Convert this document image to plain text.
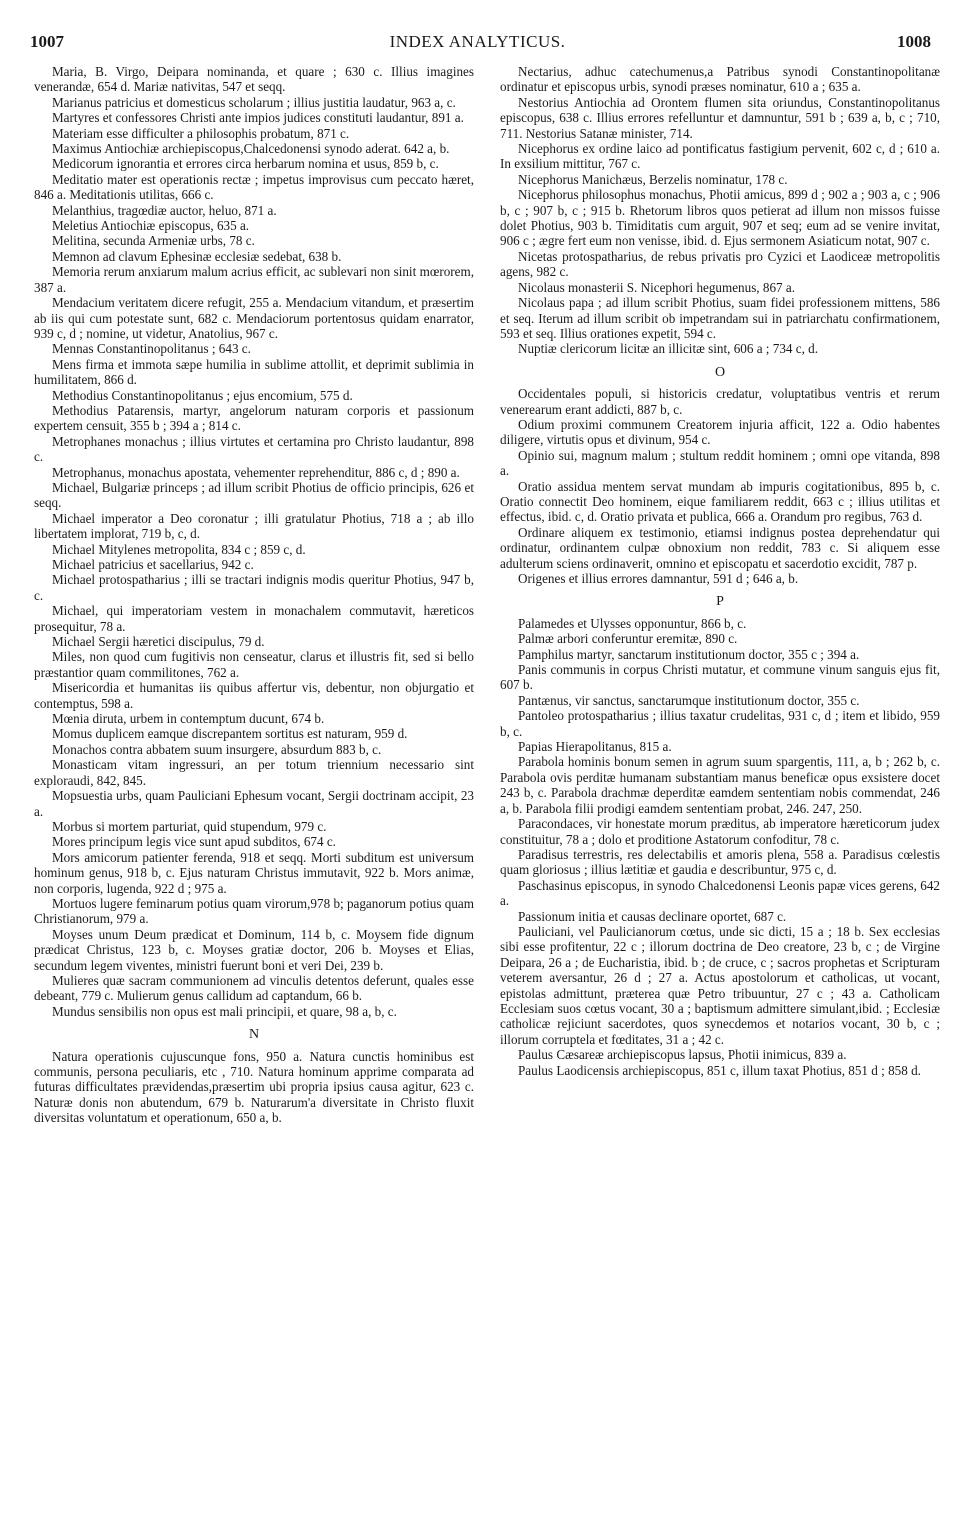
1007	INDEX ANALYTICUS.	1008

Maria, B. Virgo, Deipara nominanda, et quare ; 630 c. Illius imagines venerandæ, 654 d. Mariæ nativitas, 547 et seqq.

Marianus patricius et domesticus scholarum ; illius justitia laudatur, 963 a, c.

Martyres et confessores Christi ante impios judices constituti laudantur, 891 a.

Materiam esse difficulter a philosophis probatum, 871 c.

Maximus Antiochiæ archiepiscopus,Chalcedonensi synodo aderat. 642 a, b.

Medicorum ignorantia et errores circa herbarum nomina et usus, 859 b, c.

Meditatio mater est operationis rectæ ; impetus improvisus cum peccato hæret, 846 a. Meditationis utilitas, 666 c.

Melanthius, tragœdiæ auctor, heluo, 871 a.

Meletius Antiochiæ episcopus, 635 a.

Melitina, secunda Armeniæ urbs, 78 c.

Memnon ad clavum Ephesinæ ecclesiæ sedebat, 638 b.

Memoria rerum anxiarum malum acrius efficit, ac sublevari non sinit mœrorem, 387 a.

Mendacium veritatem dicere refugit, 255 a. Mendacium vitandum, et præsertim ab iis qui cum potestate sunt, 682 c. Mendaciorum portentosus quidam enarrator, 939 c, d ; nomine, ut videtur, Anatolius, 967 c.

Mennas Constantinopolitanus ; 643 c.

Mens firma et immota sæpe humilia in sublime attollit, et deprimit sublimia in humilitatem, 866 d.

Methodius Constantinopolitanus ; ejus encomium, 575 d.

Methodius Patarensis, martyr, angelorum naturam corporis et passionum expertem censuit, 355 b ; 394 a ; 814 c.

Metrophanes monachus ; illius virtutes et certamina pro Christo laudantur, 898 c.

Metrophanus, monachus apostata, vehementer reprehenditur, 886 c, d ; 890 a.

Michael, Bulgariæ princeps ; ad illum scribit Photius de officio principis, 626 et seqq.

Michael imperator a Deo coronatur ; illi gratulatur Photius, 718 a ; ab illo libertatem implorat, 719 b, c, d.

Michael Mitylenes metropolita, 834 c ; 859 c, d.

Michael patricius et sacellarius, 942 c.

Michael protospatharius ; illi se tractari indignis modis queritur Photius, 947 b, c.

Michael, qui imperatoriam vestem in monachalem commutavit, hæreticos prosequitur, 78 a.

Michael Sergii hæretici discipulus, 79 d.

Miles, non quod cum fugitivis non censeatur, clarus et illustris fit, sed si bello præstantior quam commilitones, 762 a.

Misericordia et humanitas iis quibus affertur vis, debentur, non objurgatio et contemptus, 598 a.

Mœnia diruta, urbem in contemptum ducunt, 674 b.

Momus duplicem eamque discrepantem sortitus est naturam, 959 d.

Monachos contra abbatem suum insurgere, absurdum 883 b, c.

Monasticam vitam ingressuri, an per totum triennium necessario sint exploraudi, 842, 845.

Mopsuestia urbs, quam Pauliciani Ephesum vocant, Sergii doctrinam accipit, 23 a.

Morbus si mortem parturiat, quid stupendum, 979 c.

Mores principum legis vice sunt apud subditos, 674 c.

Mors amicorum patienter ferenda, 918 et seqq. Morti subditum est universum hominum genus, 918 b, c. Ejus naturam Christus immutavit, 922 b. Mors animæ, non corporis, lugenda, 922 d ; 975 a.

Mortuos lugere feminarum potius quam virorum,978 b; paganorum potius quam Christianorum, 979 a.

Moyses unum Deum prædicat et Dominum, 114 b, c. Moysem fide dignum prædicat Christus, 123 b, c. Moyses gratiæ doctor, 206 b. Moyses et Elias, secundum legem viventes, ministri fuerunt boni et veri Dei, 239 b.

Mulieres quæ sacram communionem ad vinculis detentos deferunt, quales esse debeant, 779 c. Mulierum genus callidum ad captandum, 66 b.

Mundus sensibilis non opus est mali principii, et quare, 98 a, b, c.

N

Natura operationis cujuscunque fons, 950 a. Natura cunctis hominibus est communis, persona peculiaris, etc , 710. Natura hominum apprime comparata ad futuras difficultates prævidendas,præsertim ubi propria ipsius causa agitur, 623 c. Naturæ donis non abutendum, 679 b. Naturarum'a diversitate in Christo fluxit diversitas voluntatum et operationum, 650 a, b.

Nectarius, adhuc catechumenus,a Patribus synodi Constantinopolitanæ ordinatur et episcopus urbis, synodi præses nominatur, 610 a ; 635 a.

Nestorius Antiochia ad Orontem flumen sita oriundus, Constantinopolitanus episcopus, 638 c. Illius errores refelluntur et damnuntur, 591 b ; 639 a, b, c ; 710, 711. Nestorius Satanæ minister, 714.

Nicephorus ex ordine laico ad pontificatus fastigium pervenit, 602 c, d ; 610 a. In exsilium mittitur, 767 c.

Nicephorus Manichæus, Berzelis nominatur, 178 c.

Nicephorus philosophus monachus, Photii amicus, 899 d ; 902 a ; 903 a, c ; 906 b, c ; 907 b, c ; 915 b. Rhetorum libros quos petierat ad illum non missos fuisse dolet Photius, 903 b. Timiditatis cum arguit, 907 et seq; eum ad se venire invitat, 906 c ; ægre fert eum non venisse, ibid. d. Ejus sermonem Asiaticum notat, 907 c.

Nicetas protospatharius, de rebus privatis pro Cyzici et Laodiceæ metropolitis agens, 982 c.

Nicolaus monasterii S. Nicephori hegumenus, 867 a.

Nicolaus papa ; ad illum scribit Photius, suam fidei professionem mittens, 586 et seq. Iterum ad illum scribit ob impetrandam sui in patriarchatu confirmationem, 593 et seq. Illius orationes expetit, 594 c.

Nuptiæ clericorum licitæ an illicitæ sint, 606 a ; 734 c, d.

O

Occidentales populi, si historicis credatur, voluptatibus ventris et rerum venerearum erant addicti, 887 b, c.

Odium proximi communem Creatorem injuria afficit, 122 a. Odio habentes diligere, virtutis opus et divinum, 954 c.

Opinio sui, magnum malum ; stultum reddit hominem ; omni ope vitanda, 898 a.

Oratio assidua mentem servat mundam ab impuris cogitationibus, 895 b, c. Oratio connectit Deo hominem, eique familiarem reddit, 663 c ; illius utilitas et effectus, ibid. c, d. Oratio privata et publica, 666 a. Orandum pro regibus, 763 d.

Ordinare aliquem ex testimonio, etiamsi indignus postea deprehendatur qui ordinatur, ordinantem culpæ obnoxium non reddit, 783 c. Si aliquem esse adulterum sciens ordinaverit, omnino et episcopatu et sacerdotio excidit, 787 p.

Origenes et illius errores damnantur, 591 d ; 646 a, b.

P

Palamedes et Ulysses opponuntur, 866 b, c.

Palmæ arbori conferuntur eremitæ, 890 c.

Pamphilus martyr, sanctarum institutionum doctor, 355 c ; 394 a.

Panis communis in corpus Christi mutatur, et commune vinum sanguis ejus fit, 607 b.

Pantænus, vir sanctus, sanctarumque institutionum doctor, 355 c.

Pantoleo protospatharius ; illius taxatur crudelitas, 931 c, d ; item et libido, 959 b, c.

Papias Hierapolitanus, 815 a.

Parabola hominis bonum semen in agrum suum spargentis, 111, a, b ; 262 b, c. Parabola ovis perditæ humanam substantiam manus beneficæ opus exsistere docet 243 b, c. Parabola drachmæ deperditæ eamdem sententiam nobis commendat, 246 a, b. Parabola filii prodigi eamdem sententiam probat, 246. 247, 250.

Paracondaces, vir honestate morum præditus, ab imperatore hæreticorum judex constituitur, 78 a ; dolo et proditione Astatorum confoditur, 78 c.

Paradisus terrestris, res delectabilis et amoris plena, 558 a. Paradisus cœlestis quam gloriosus ; illius lætitiæ et gaudia e describuntur, 975 c, d.

Paschasinus episcopus, in synodo Chalcedonensi Leonis papæ vices gerens, 642 a.

Passionum initia et causas declinare oportet, 687 c.

Pauliciani, vel Paulicianorum cœtus, unde sic dicti, 15 a ; 18 b. Sex ecclesias sibi esse profitentur, 22 c ; illorum doctrina de Deo creatore, 23 b, c ; de Virgine Deipara, 26 a ; de Eucharistia, ibid. b ; de cruce, c ; sacros prophetas et Scripturam veterem aversantur, 26 d ; 27 a. Actus apostolorum et catholicas, ut vocant, epistolas admittunt, præterea quæ Petro tribuuntur, 27 c ; 43 a. Catholicam Ecclesiam suos cœtus vocant, 30 a ; baptismum admittere simulant,ibid. ; Ecclesiæ catholicæ rejiciunt sacerdotes, quos synecdemos et notarios vocant, 30 b, c ; illorum corruptela et fœditates, 31 a ; 42 c.

Paulus Cæsareæ archiepiscopus lapsus, Photii inimicus, 839 a.

Paulus Laodicensis archiepiscopus, 851 c, illum taxat Photius, 851 d ; 858 d.
